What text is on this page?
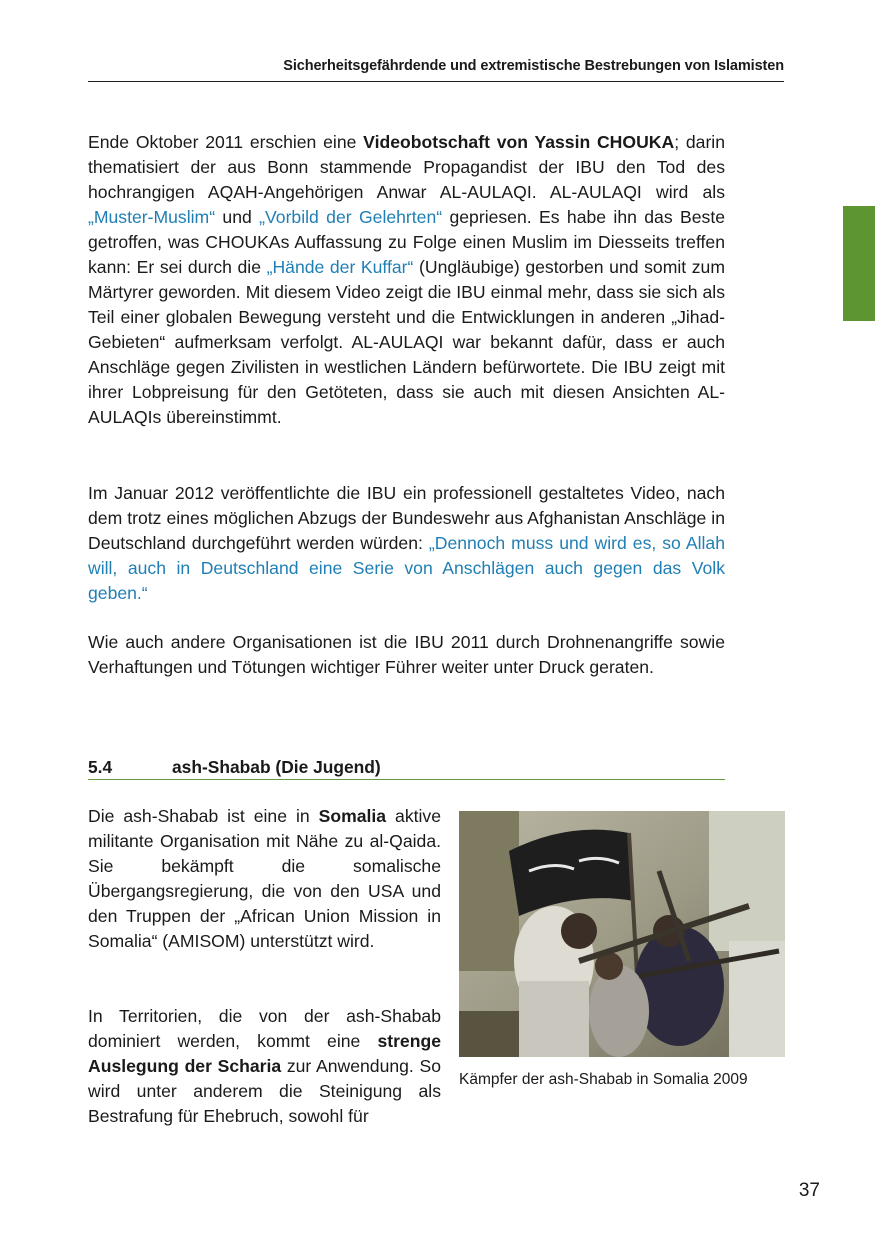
Sicherheitsgefährdende und extremistische Bestrebungen von Islamisten

Ende Oktober 2011 erschien eine Videobotschaft von Yassin CHOUKA; darin thematisiert der aus Bonn stammende Propagandist der IBU den Tod des hochrangigen AQAH-Angehörigen Anwar AL-AULAQI. AL-AULAQI wird als „Muster-Muslim“ und „Vorbild der Gelehrten“ gepriesen. Es habe ihn das Beste getroffen, was CHOUKAs Auffassung zu Folge einen Muslim im Diesseits treffen kann: Er sei durch die „Hände der Kuffar“ (Ungläubige) gestorben und somit zum Märtyrer geworden. Mit diesem Video zeigt die IBU einmal mehr, dass sie sich als Teil einer globalen Bewegung versteht und die Entwicklungen in anderen „Jihad-Gebieten“ aufmerksam verfolgt. AL-AULAQI war bekannt dafür, dass er auch Anschläge gegen Zivilisten in westlichen Ländern befürwortete. Die IBU zeigt mit ihrer Lobpreisung für den Getöteten, dass sie auch mit diesen Ansichten AL-AULAQIs übereinstimmt.

Im Januar 2012 veröffentlichte die IBU ein professionell gestaltetes Video, nach dem trotz eines möglichen Abzugs der Bundeswehr aus Afghanistan Anschläge in Deutschland durchgeführt werden würden: „Dennoch muss und wird es, so Allah will, auch in Deutschland eine Serie von Anschlägen auch gegen das Volk geben.“

Wie auch andere Organisationen ist die IBU 2011 durch Drohnenangriffe sowie Verhaftungen und Tötungen wichtiger Führer weiter unter Druck geraten.

5.4	ash-Shabab (Die Jugend)

Die ash-Shabab ist eine in Somalia aktive militante Organisation mit Nähe zu al-Qaida. Sie bekämpft die somalische Übergangsregierung, die von den USA und den Truppen der „African Union Mission in Somalia“ (AMISOM) unterstützt wird.

In Territorien, die von der ash-Shabab dominiert werden, kommt eine strenge Auslegung der Scharia zur Anwendung. So wird unter anderem die Steinigung als Bestrafung für Ehebruch, sowohl für

Kämpfer der ash-Shabab in Somalia 2009

37
